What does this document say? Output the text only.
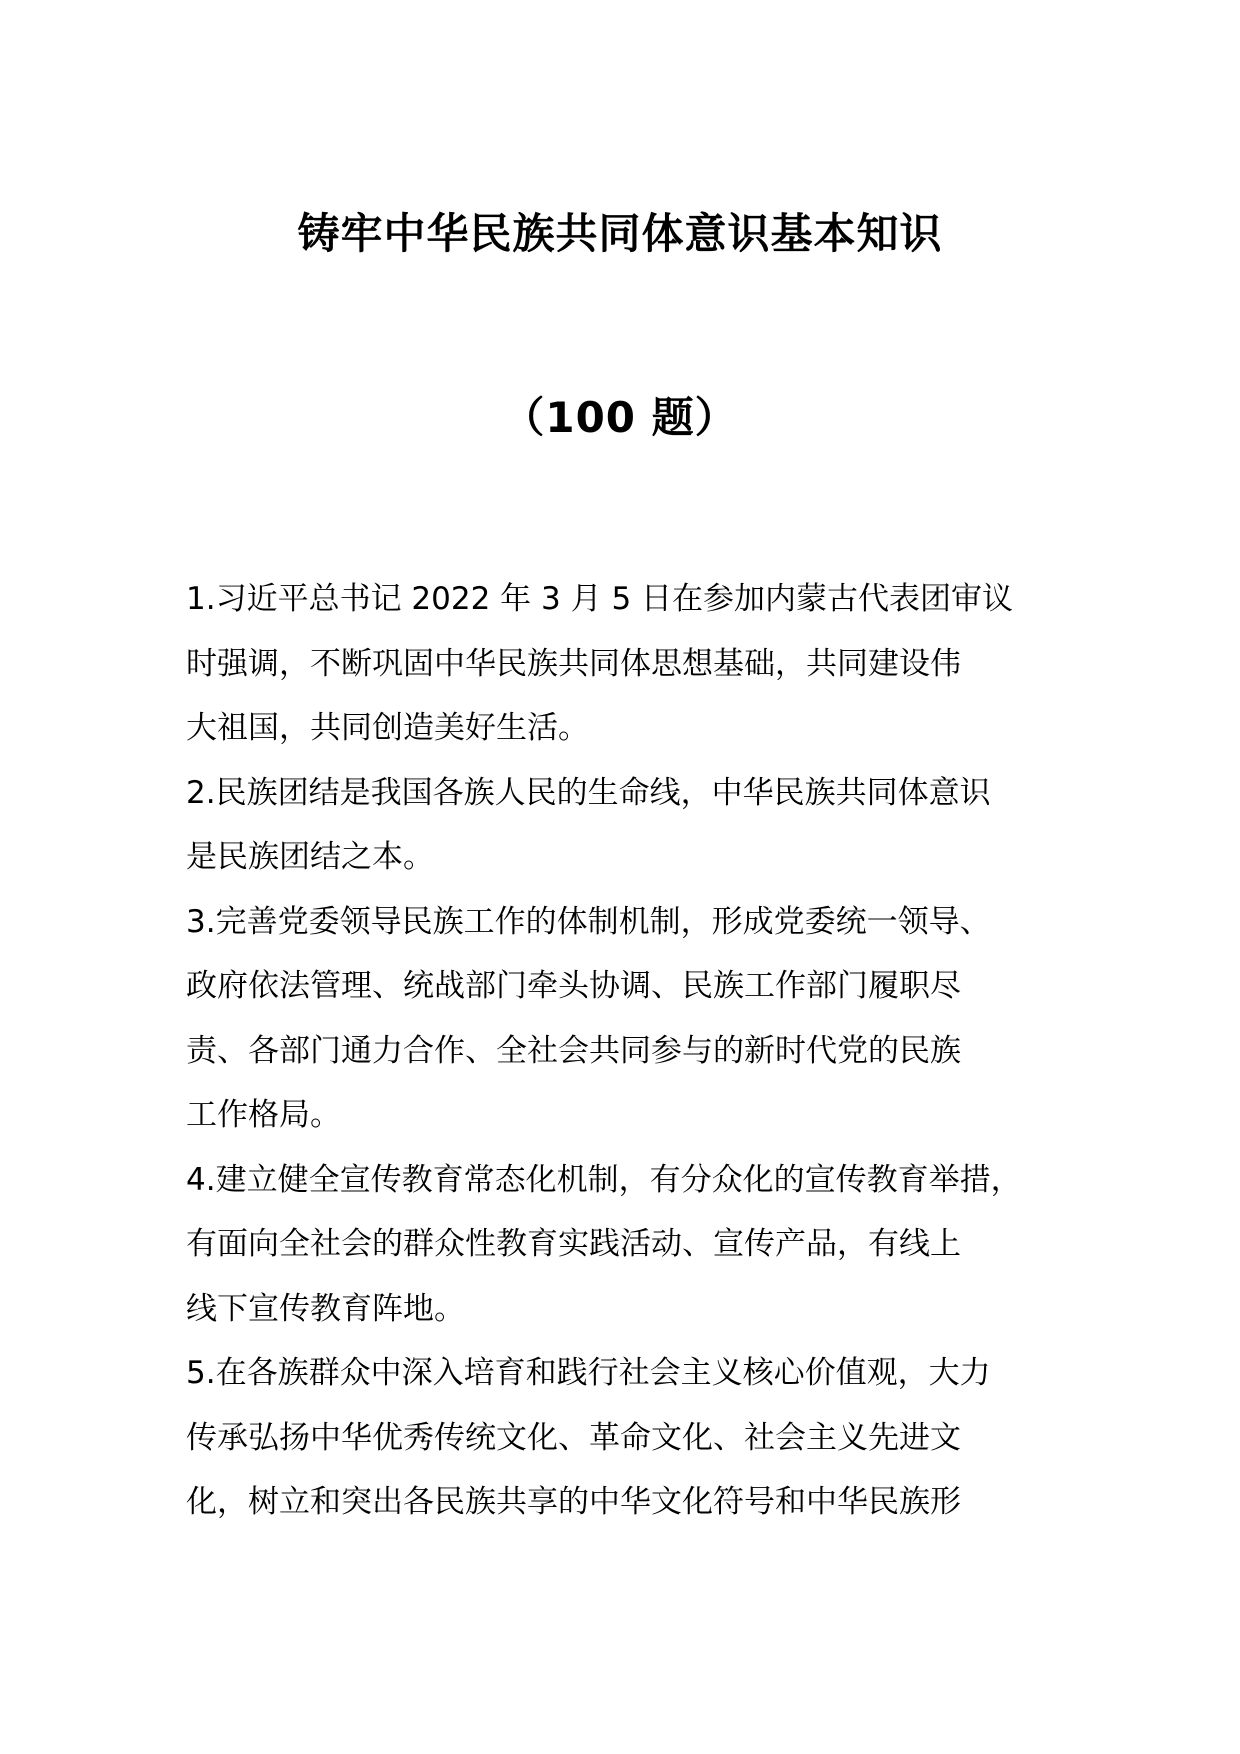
铸牢中华民族共同体意识基本知识
（100 题）

1.习近平总书记 2022 年 3 月 5 日在参加内蒙古代表团审议
时强调，不断巩固中华民族共同体思想基础，共同建设伟
大祖国，共同创造美好生活。

2.民族团结是我国各族人民的生命线，中华民族共同体意识
是民族团结之本。

3.完善党委领导民族工作的体制机制，形成党委统一领导、
政府依法管理、统战部门牵头协调、民族工作部门履职尽
责、各部门通力合作、全社会共同参与的新时代党的民族
工作格局。

4.建立健全宣传教育常态化机制，有分众化的宣传教育举措，
有面向全社会的群众性教育实践活动、宣传产品，有线上
线下宣传教育阵地。

5.在各族群众中深入培育和践行社会主义核心价值观，大力
传承弘扬中华优秀传统文化、革命文化、社会主义先进文
化，树立和突出各民族共享的中华文化符号和中华民族形
